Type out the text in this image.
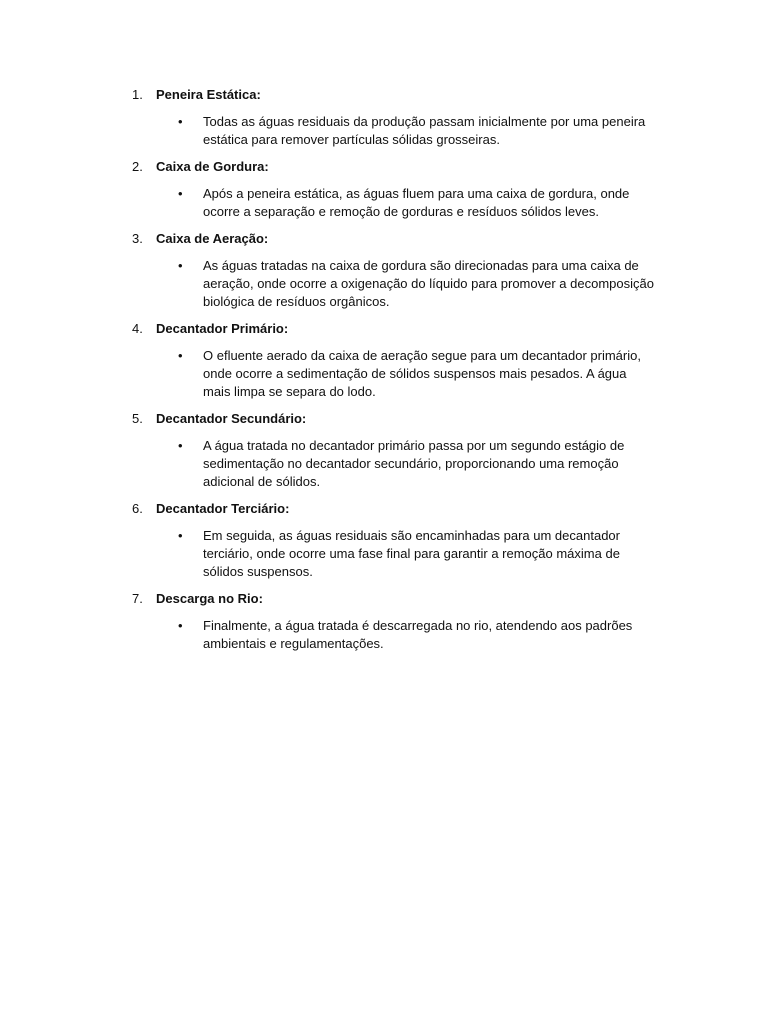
1. Peneira Estática:
• Todas as águas residuais da produção passam inicialmente por uma peneira estática para remover partículas sólidas grosseiras.
2. Caixa de Gordura:
• Após a peneira estática, as águas fluem para uma caixa de gordura, onde ocorre a separação e remoção de gorduras e resíduos sólidos leves.
3. Caixa de Aeração:
• As águas tratadas na caixa de gordura são direcionadas para uma caixa de aeração, onde ocorre a oxigenação do líquido para promover a decomposição biológica de resíduos orgânicos.
4. Decantador Primário:
• O efluente aerado da caixa de aeração segue para um decantador primário, onde ocorre a sedimentação de sólidos suspensos mais pesados. A água mais limpa se separa do lodo.
5. Decantador Secundário:
• A água tratada no decantador primário passa por um segundo estágio de sedimentação no decantador secundário, proporcionando uma remoção adicional de sólidos.
6. Decantador Terciário:
• Em seguida, as águas residuais são encaminhadas para um decantador terciário, onde ocorre uma fase final para garantir a remoção máxima de sólidos suspensos.
7. Descarga no Rio:
• Finalmente, a água tratada é descarregada no rio, atendendo aos padrões ambientais e regulamentações.
